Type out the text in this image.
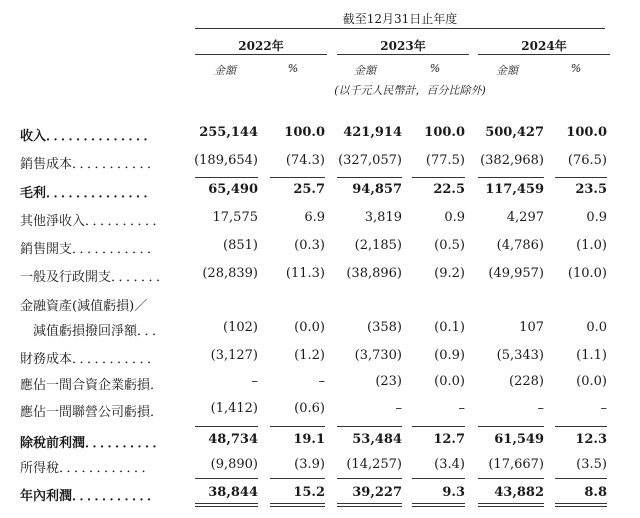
截至12月31日止年度
2022年	2023年	2024年
金額	%	金額	%	金額	%
(以千元人民幣計，百分比除外)
收入．．．．．．．．．．．．．．	255,144 100.0 421,914 100.0 500,427 100.0
銷售成本．．．．．．．．．．．	(189,654) (74.3) (327,057) (77.5) (382,968) (76.5)
毛利．．．．．．．．．．．．．．	65,490	25.7 94,857 22.5 117,459 23.5
其他淨收入．．．．．．．．．．	17,575	6.9	3,819	0.9	4,297	0.9
銷售開支．．．．．．．．．．．	(851)	(0.3) (2,185) (0.5) (4,786) (1.0)
一般及行政開支．．．．．．． (28,839) (11.3) (38,896) (9.2) (49,957) (10.0)
金融資產(減值虧損)／
　減值虧損撥回淨額．．．	(102)	(0.0)	(358) (0.1)	107	0.0
財務成本．．．．．．．．．．．	(3,127)	(1.2) (3,730) (0.9) (5,343) (1.1)
應佔一間合資企業虧損．	–	–	(23) (0.0)	(228) (0.0)
應佔一間聯營公司虧損．	(1,412)	(0.6)	–	–	–	–
除稅前利潤．．．．．．．．．．	48,734	19.1 53,484 12.7 61,549 12.3
所得稅．．．．．．．．．．．．	(9,890)	(3.9) (14,257) (3.4) (17,667) (3.5)
年內利潤．．．．．．．．．．．	38,844	15.2 39,227	9.3 43,882	8.8
